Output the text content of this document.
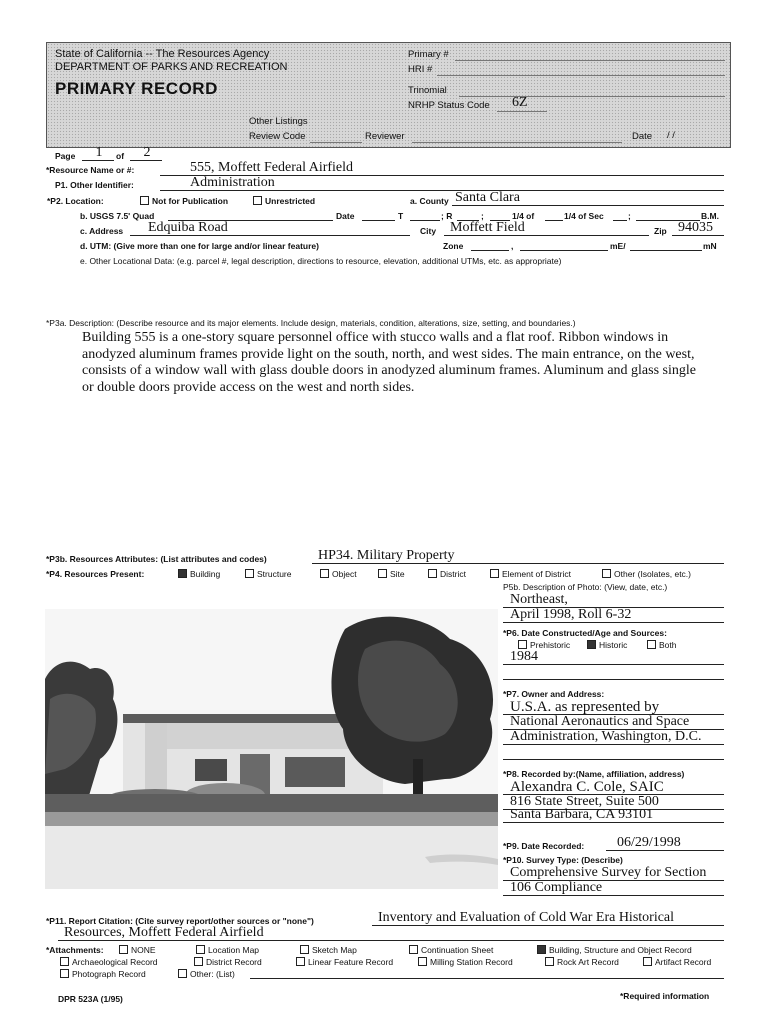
State of California -- The Resources Agency
DEPARTMENT OF PARKS AND RECREATION
PRIMARY RECORD
Primary #
HRI #
Trinomial
NRHP Status Code 6Z
Other Listings
Review Code	Reviewer	Date / /
Page	1	of	2
*Resource Name or #:	555, Moffett Federal Airfield
P1. Other Identifier:	Administration
*P2. Location:	Not for Publication	Unrestricted	a. County Santa Clara
b. USGS 7.5' Quad	Date	T	; R	;	1/4 of	1/4 of Sec	;	B.M.
c. Address Edquiba Road	City Moffett Field	Zip 94035
d. UTM: (Give more than one for large and/or linear feature)	Zone	,	mE/	mN
e. Other Locational Data: (e.g. parcel #, legal description, directions to resource, elevation, additional UTMs, etc. as appropriate)
*P3a. Description: (Describe resource and its major elements. Include design, materials, condition, alterations, size, setting, and boundaries.)
Building 555 is a one-story square personnel office with stucco walls and a flat roof. Ribbon windows in
anodyzed aluminum frames provide light on the south, north, and west sides. The main entrance, on the west,
consists of a window wall with glass double doors in anodyzed aluminum frames. Aluminum and glass single
or double doors provide access on the west and north sides.
*P3b. Resources Attributes: (List attributes and codes)	HP34. Military Property
*P4. Resources Present:	Building	Structure	Object	Site	District	Element of District	Other (Isolates, etc.)
P5b. Description of Photo: (View, date, etc.)
Northeast,
April 1998, Roll 6-32
*P6. Date Constructed/Age and Sources:
Prehistoric	Historic	Both
1984
*P7. Owner and Address:
U.S.A. as represented by
National Aeronautics and Space
Administration, Washington, D.C.
*P8. Recorded by:(Name, affiliation, address)
Alexandra C. Cole, SAIC
816 State Street, Suite 500
Santa Barbara, CA 93101
*P9. Date Recorded: 06/29/1998
*P10. Survey Type: (Describe)
Comprehensive Survey for Section
106 Compliance
*P11. Report Citation: (Cite survey report/other sources or "none")	Inventory and Evaluation of Cold War Era Historical
Resources, Moffett Federal Airfield
*Attachments:	NONE	Location Map	Sketch Map	Continuation Sheet	Building, Structure and Object Record
Archaeological Record	District Record	Linear Feature Record	Milling Station Record	Rock Art Record	Artifact Record
Photograph Record	Other: (List)
DPR 523A (1/95)	*Required information
